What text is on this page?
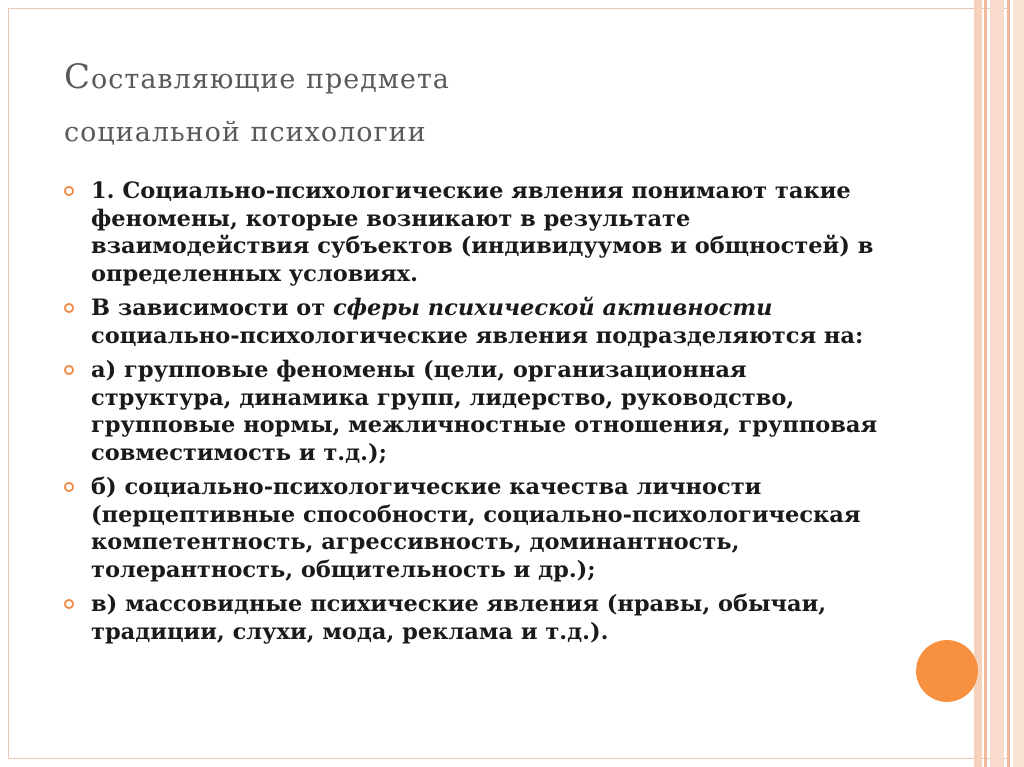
Составляющие предмета
социальной психологии
1. Социально-психологические явления понимают такие феномены, которые возникают в результате взаимодействия субъектов (индивидуумов и общностей) в определенных условиях.
В зависимости от сферы психической активности социально-психологические явления подразделяются на:
а) групповые феномены (цели, организационная структура, динамика групп, лидерство, руководство, групповые нормы, межличностные отношения, групповая совместимость и т.д.);
б) социально-психологические качества личности (перцептивные способности, социально-психологическая компетентность, агрессивность, доминантность, толерантность, общительность и др.);
в) массовидные психические явления (нравы, обычаи, традиции, слухи, мода, реклама и т.д.).
